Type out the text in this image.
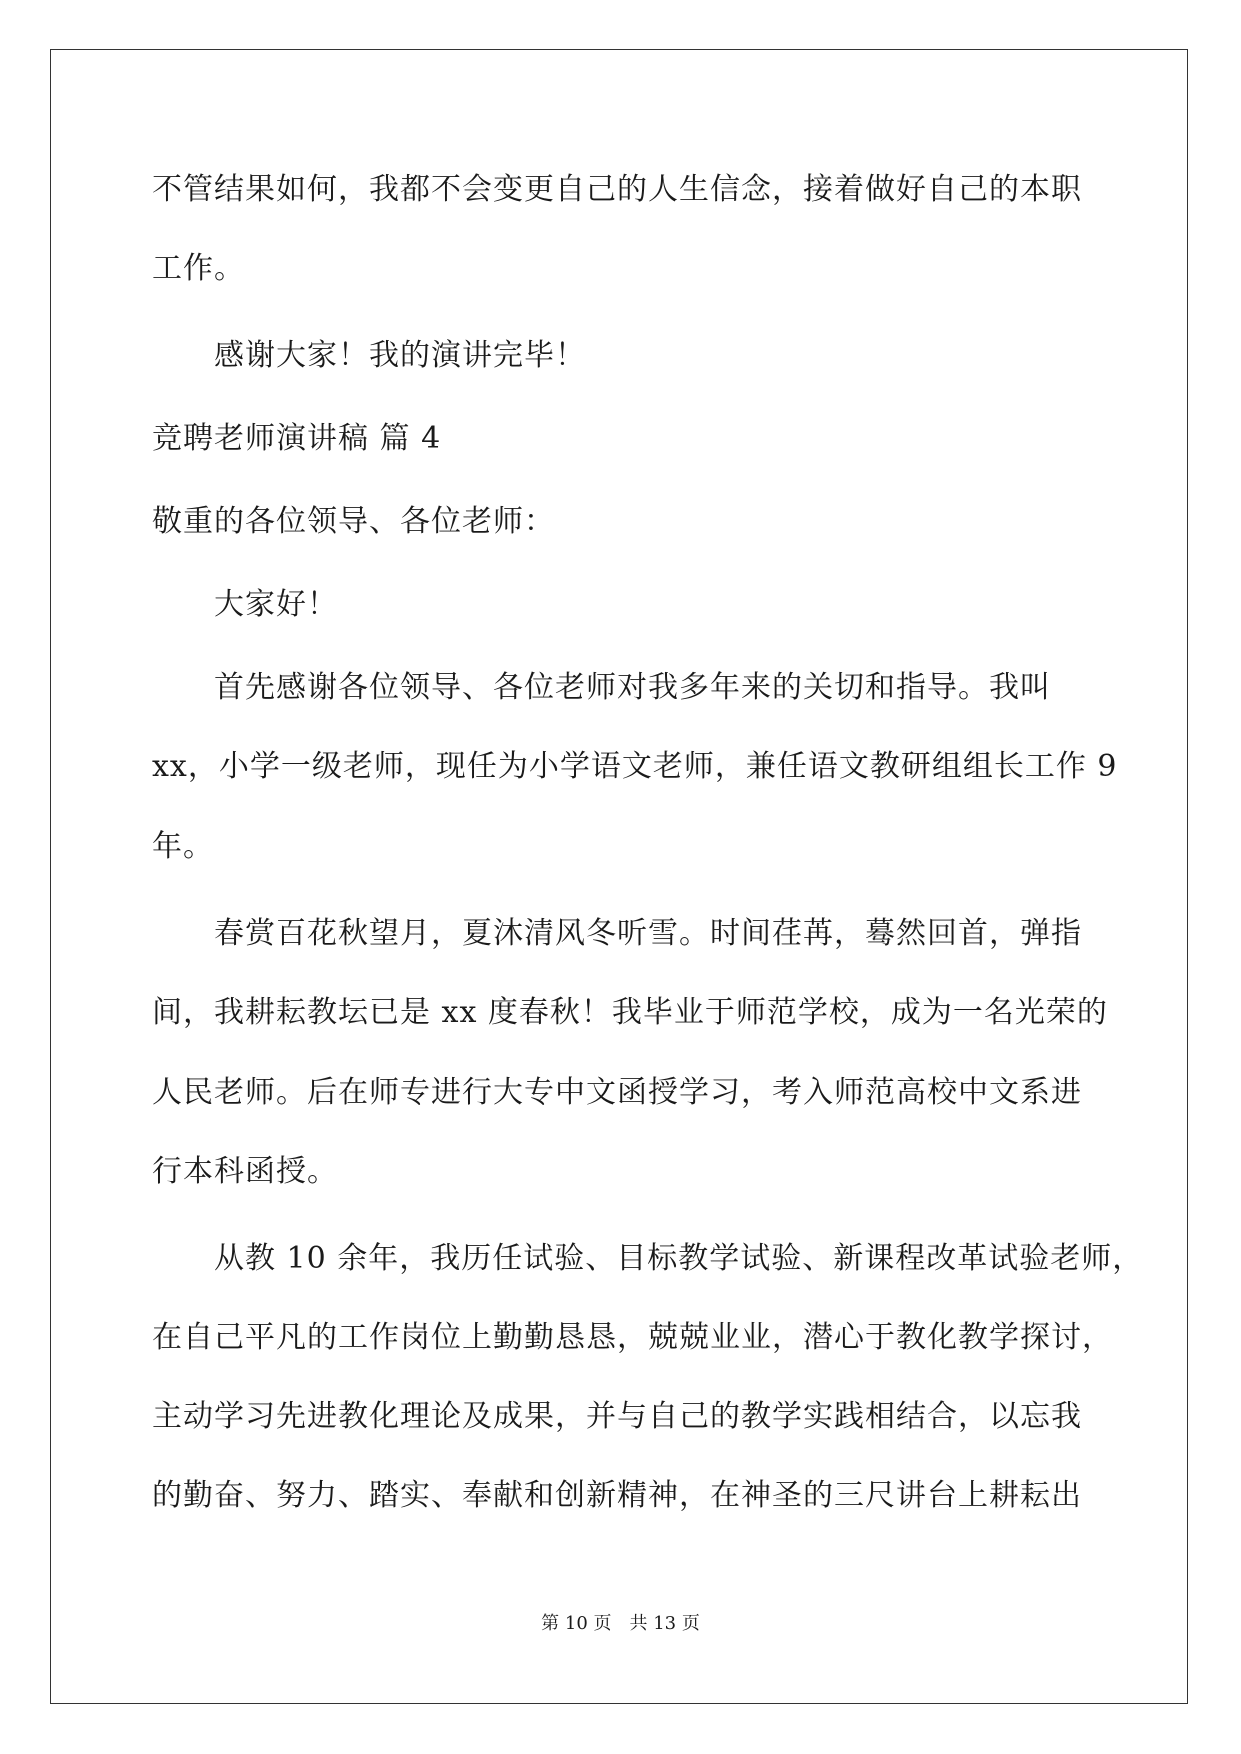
不管结果如何，我都不会变更自己的人生信念，接着做好自己的本职
工作。
感谢大家！我的演讲完毕！
竞聘老师演讲稿 篇 4
敬重的各位领导、各位老师：
大家好！
首先感谢各位领导、各位老师对我多年来的关切和指导。我叫
xx，小学一级老师，现任为小学语文老师，兼任语文教研组组长工作 9
年。
春赏百花秋望月，夏沐清风冬听雪。时间荏苒，蓦然回首，弹指
间，我耕耘教坛已是 xx 度春秋！我毕业于师范学校，成为一名光荣的
人民老师。后在师专进行大专中文函授学习，考入师范高校中文系进
行本科函授。
从教 10 余年，我历任试验、目标教学试验、新课程改革试验老师，
在自己平凡的工作岗位上勤勤恳恳，兢兢业业，潜心于教化教学探讨，
主动学习先进教化理论及成果，并与自己的教学实践相结合，以忘我
的勤奋、努力、踏实、奉献和创新精神，在神圣的三尺讲台上耕耘出
第 10 页　共 13 页
